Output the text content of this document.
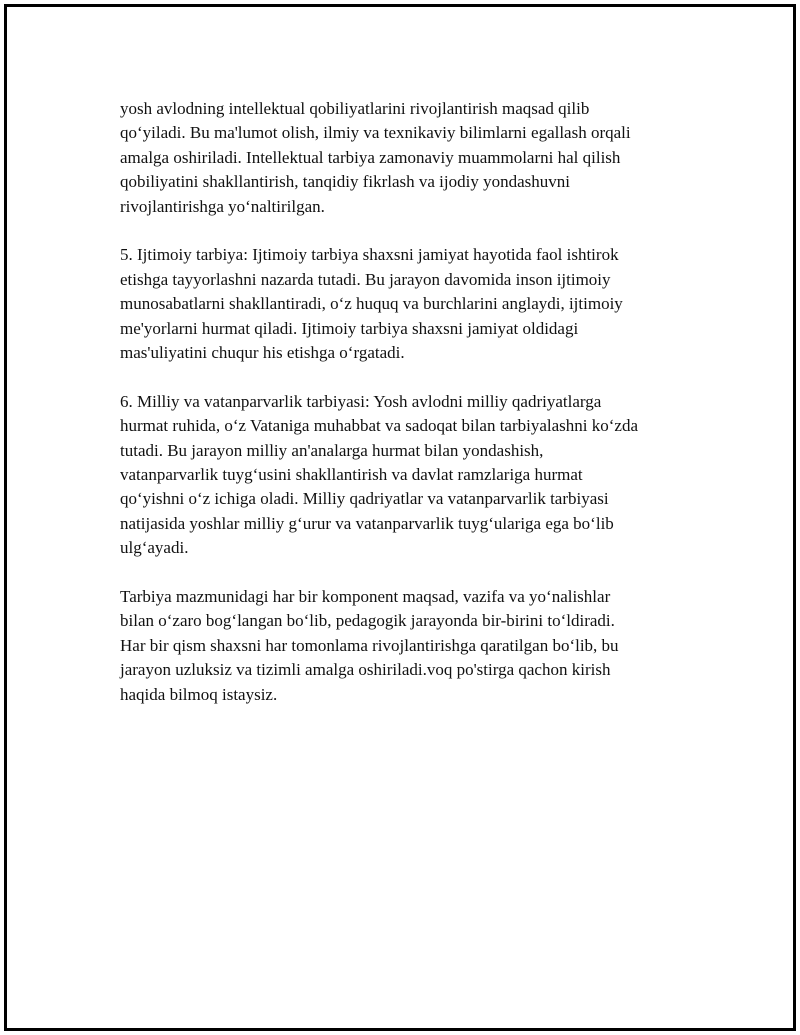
yosh avlodning intellektual qobiliyatlarini rivojlantirish maqsad qilib
qo‘yiladi. Bu ma'lumot olish, ilmiy va texnikaviy bilimlarni egallash orqali
amalga oshiriladi. Intellektual tarbiya zamonaviy muammolarni hal qilish
qobiliyatini shakllantirish, tanqidiy fikrlash va ijodiy yondashuvni
rivojlantirishga yo‘naltirilgan.

5. Ijtimoiy tarbiya: Ijtimoiy tarbiya shaxsni jamiyat hayotida faol ishtirok
etishga tayyorlashni nazarda tutadi. Bu jarayon davomida inson ijtimoiy
munosabatlarni shakllantiradi, o‘z huquq va burchlarini anglaydi, ijtimoiy
me'yorlarni hurmat qiladi. Ijtimoiy tarbiya shaxsni jamiyat oldidagi
mas'uliyatini chuqur his etishga o‘rgatadi.

6. Milliy va vatanparvarlik tarbiyasi: Yosh avlodni milliy qadriyatlarga
hurmat ruhida, o‘z Vataniga muhabbat va sadoqat bilan tarbiyalashni ko‘zda
tutadi. Bu jarayon milliy an'analarga hurmat bilan yondashish,
vatanparvarlik tuyg‘usini shakllantirish va davlat ramzlariga hurmat
qo‘yishni o‘z ichiga oladi. Milliy qadriyatlar va vatanparvarlik tarbiyasi
natijasida yoshlar milliy g‘urur va vatanparvarlik tuyg‘ulariga ega bo‘lib
ulg‘ayadi.

Tarbiya mazmunidagi har bir komponent maqsad, vazifa va yo‘nalishlar
bilan o‘zaro bog‘langan bo‘lib, pedagogik jarayonda bir-birini to‘ldiradi.
Har bir qism shaxsni har tomonlama rivojlantirishga qaratilgan bo‘lib, bu
jarayon uzluksiz va tizimli amalga oshiriladi.voq po'stirga qachon kirish
haqida bilmoq istaysiz.
